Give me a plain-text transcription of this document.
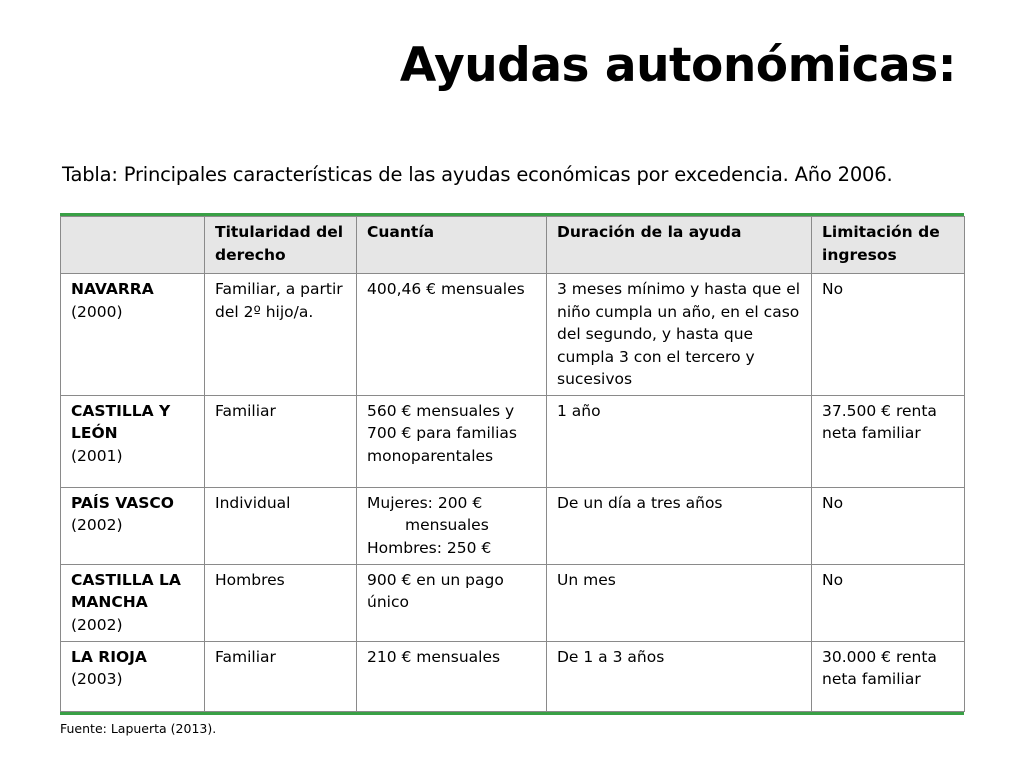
Ayudas autonómicas:
Tabla: Principales características de las ayudas económicas por excedencia. Año 2006.
	Titularidad del derecho	Cuantía	Duración de la ayuda	Limitación de ingresos

NAVARRA
(2000)	Familiar, a partir del 2º hijo/a.	400,46 € mensuales	3 meses mínimo y hasta que el niño cumpla un año, en el caso del segundo, y hasta que cumpla 3 con el tercero y sucesivos	No

CASTILLA Y LEÓN
(2001)	Familiar	560 € mensuales y 700 € para familias monoparentales	1 año	37.500 € renta neta familiar

PAÍS VASCO
(2002)	Individual	Mujeres: 200 €
mensuales
Hombres: 250 €	De un día a tres años	No

CASTILLA LA MANCHA
(2002)	Hombres	900 € en un pago único	Un mes	No

LA RIOJA
(2003)	Familiar	210 € mensuales	De 1 a 3 años	30.000 € renta neta familiar
Fuente: Lapuerta (2013).
